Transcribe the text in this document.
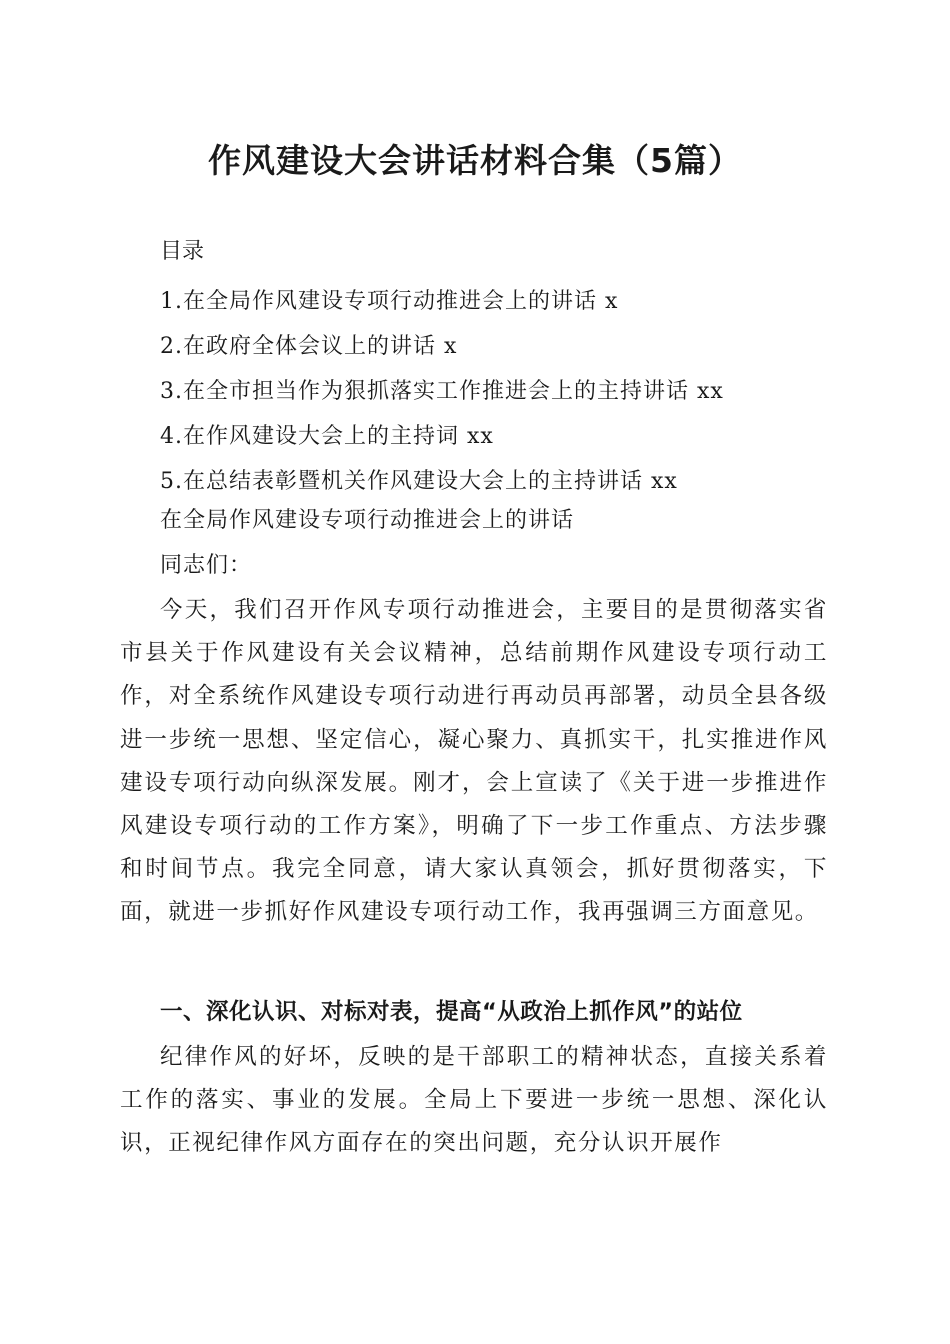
作风建设大会讲话材料合集（5篇）
目录
1.在全局作风建设专项行动推进会上的讲话 x
2.在政府全体会议上的讲话 x
3.在全市担当作为狠抓落实工作推进会上的主持讲话 xx
4.在作风建设大会上的主持词 xx
5.在总结表彰暨机关作风建设大会上的主持讲话 xx
在全局作风建设专项行动推进会上的讲话
同志们：

今天，我们召开作风专项行动推进会，主要目的是贯彻落实省市县关于作风建设有关会议精神，总结前期作风建设专项行动工作，对全系统作风建设专项行动进行再动员再部署，动员全县各级进一步统一思想、坚定信心，凝心聚力、真抓实干，扎实推进作风建设专项行动向纵深发展。刚才，会上宣读了《关于进一步推进作风建设专项行动的工作方案》，明确了下一步工作重点、方法步骤和时间节点。我完全同意，请大家认真领会，抓好贯彻落实，下面，就进一步抓好作风建设专项行动工作，我再强调三方面意见。

一、深化认识、对标对表，提高“从政治上抓作风”的站位

纪律作风的好坏，反映的是干部职工的精神状态，直接关系着工作的落实、事业的发展。全局上下要进一步统一思想、深化认识，正视纪律作风方面存在的突出问题，充分认识开展作
